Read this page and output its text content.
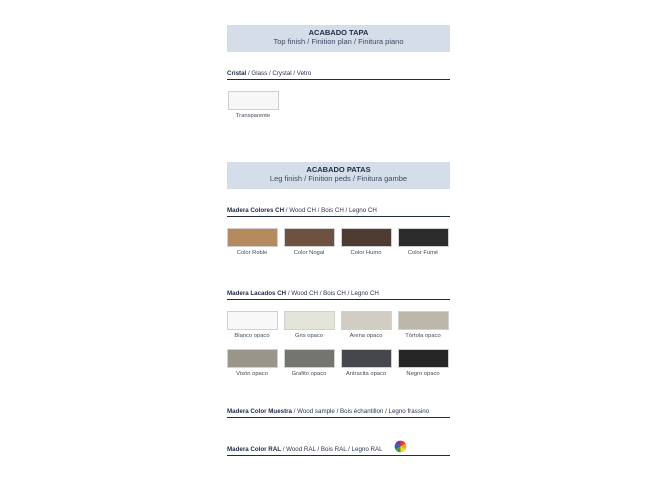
ACABADO TAPA
Top finish / Finition plan / Finitura piano
Cristal / Glass / Crystal / Vetro
Transparente
ACABADO PATAS
Leg finish / Finition peds / Finitura gambe
Madera Colores CH / Wood CH / Bois CH / Legno CH
Color Roble	Color Nogal	Color Humo	Color Fumé
Madera Lacados CH / Wood CH / Bois CH / Legno CH
Blanco opaco	Gris opaco	Arena opaco	Tórtola opaco
Visón opaco	Grafito opaco	Antracita opaco	Negro opaco
Madera Color Muestra / Wood sample / Bois échantillon / Legno frassino
Madera Color RAL / Wood RAL / Bois RAL / Legno RAL
